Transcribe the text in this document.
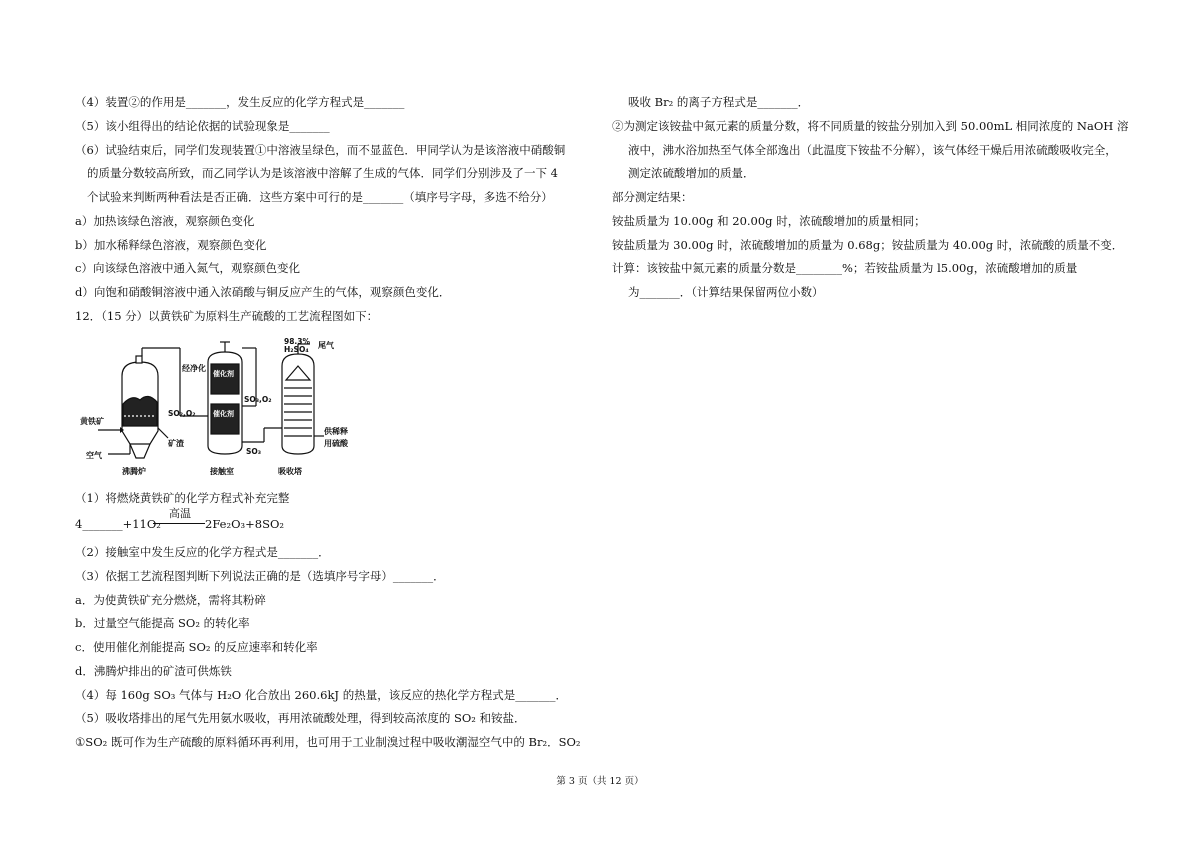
（4）装置②的作用是_______，发生反应的化学方程式是_______
（5）该小组得出的结论依据的试验现象是_______
（6）试验结束后，同学们发现装置①中溶液呈绿色，而不显蓝色．甲同学认为是该溶液中硝酸铜
的质量分数较高所致，而乙同学认为是该溶液中溶解了生成的气体．同学们分别涉及了一下 4
个试验来判断两种看法是否正确．这些方案中可行的是_______（填序号字母，多选不给分）
a）加热该绿色溶液，观察颜色变化
b）加水稀释绿色溶液，观察颜色变化
c）向该绿色溶液中通入氮气，观察颜色变化
d）向饱和硝酸铜溶液中通入浓硝酸与铜反应产生的气体，观察颜色变化．
12．（15 分）以黄铁矿为原料生产硫酸的工艺流程图如下：
98.3%
H₂SO₄ 尾气
经净化
催化剂
催化剂
SO₂,O₂
SO₃,O₂
SO₃
黄铁矿
矿渣
空气
沸腾炉	接触室	吸收塔
供稀释
用硫酸
（1）将燃烧黄铁矿的化学方程式补充完整
4_______+11O₂
高温
2Fe₂O₃+8SO₂
（2）接触室中发生反应的化学方程式是_______．
（3）依据工艺流程图判断下列说法正确的是（选填序号字母）_______．
a．为使黄铁矿充分燃烧，需将其粉碎
b．过量空气能提高 SO₂ 的转化率
c．使用催化剂能提高 SO₂ 的反应速率和转化率
d．沸腾炉排出的矿渣可供炼铁
（4）每 160g SO₃ 气体与 H₂O 化合放出 260.6kJ 的热量，该反应的热化学方程式是_______．
（5）吸收塔排出的尾气先用氨水吸收，再用浓硫酸处理，得到较高浓度的 SO₂ 和铵盐．
①SO₂ 既可作为生产硫酸的原料循环再利用，也可用于工业制溴过程中吸收潮湿空气中的 Br₂．SO₂
吸收 Br₂ 的离子方程式是_______．
②为测定该铵盐中氮元素的质量分数，将不同质量的铵盐分别加入到 50.00mL 相同浓度的 NaOH 溶
液中，沸水浴加热至气体全部逸出（此温度下铵盐不分解），该气体经干燥后用浓硫酸吸收完全，
测定浓硫酸增加的质量．
部分测定结果：
铵盐质量为 10.00g 和 20.00g 时，浓硫酸增加的质量相同；
铵盐质量为 30.00g 时，浓硫酸增加的质量为 0.68g；铵盐质量为 40.00g 时，浓硫酸的质量不变．
计算：该铵盐中氮元素的质量分数是________%；若铵盐质量为 l5.00g，浓硫酸增加的质量
为_______．（计算结果保留两位小数）
第 3 页（共 12 页）
